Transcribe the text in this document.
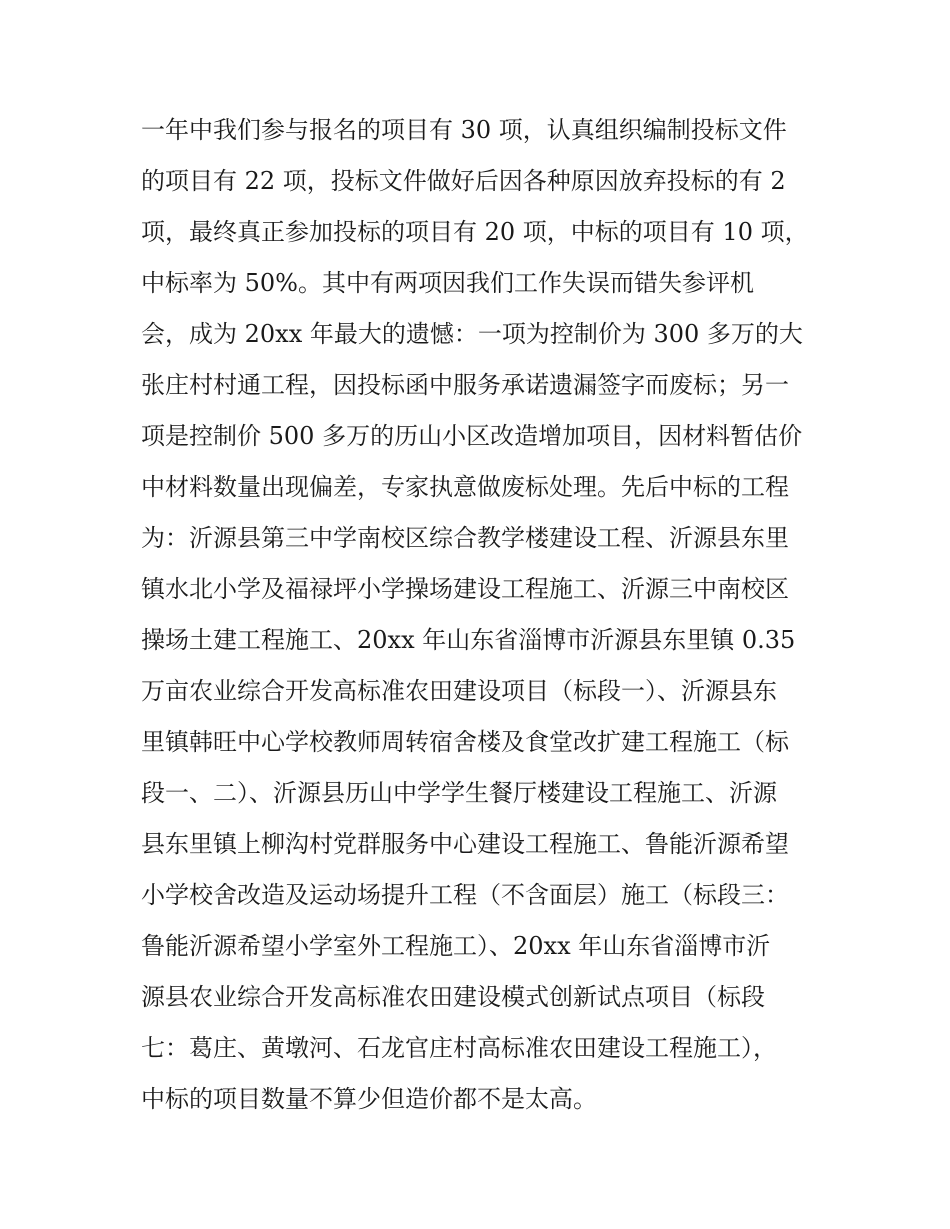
一年中我们参与报名的项目有 30 项，认真组织编制投标文件
的项目有 22 项，投标文件做好后因各种原因放弃投标的有 2
项，最终真正参加投标的项目有 20 项，中标的项目有 10 项，
中标率为 50%。其中有两项因我们工作失误而错失参评机
会，成为 20xx 年最大的遗憾：一项为控制价为 300 多万的大
张庄村村通工程，因投标函中服务承诺遗漏签字而废标；另一
项是控制价 500 多万的历山小区改造增加项目，因材料暂估价
中材料数量出现偏差，专家执意做废标处理。先后中标的工程
为：沂源县第三中学南校区综合教学楼建设工程、沂源县东里
镇水北小学及福禄坪小学操场建设工程施工、沂源三中南校区
操场土建工程施工、20xx 年山东省淄博市沂源县东里镇 0.35
万亩农业综合开发高标准农田建设项目（标段一）、沂源县东
里镇韩旺中心学校教师周转宿舍楼及食堂改扩建工程施工（标
段一、二）、沂源县历山中学学生餐厅楼建设工程施工、沂源
县东里镇上柳沟村党群服务中心建设工程施工、鲁能沂源希望
小学校舍改造及运动场提升工程（不含面层）施工（标段三：
鲁能沂源希望小学室外工程施工）、20xx 年山东省淄博市沂
源县农业综合开发高标准农田建设模式创新试点项目（标段
七：葛庄、黄墩河、石龙官庄村高标准农田建设工程施工），
中标的项目数量不算少但造价都不是太高。
